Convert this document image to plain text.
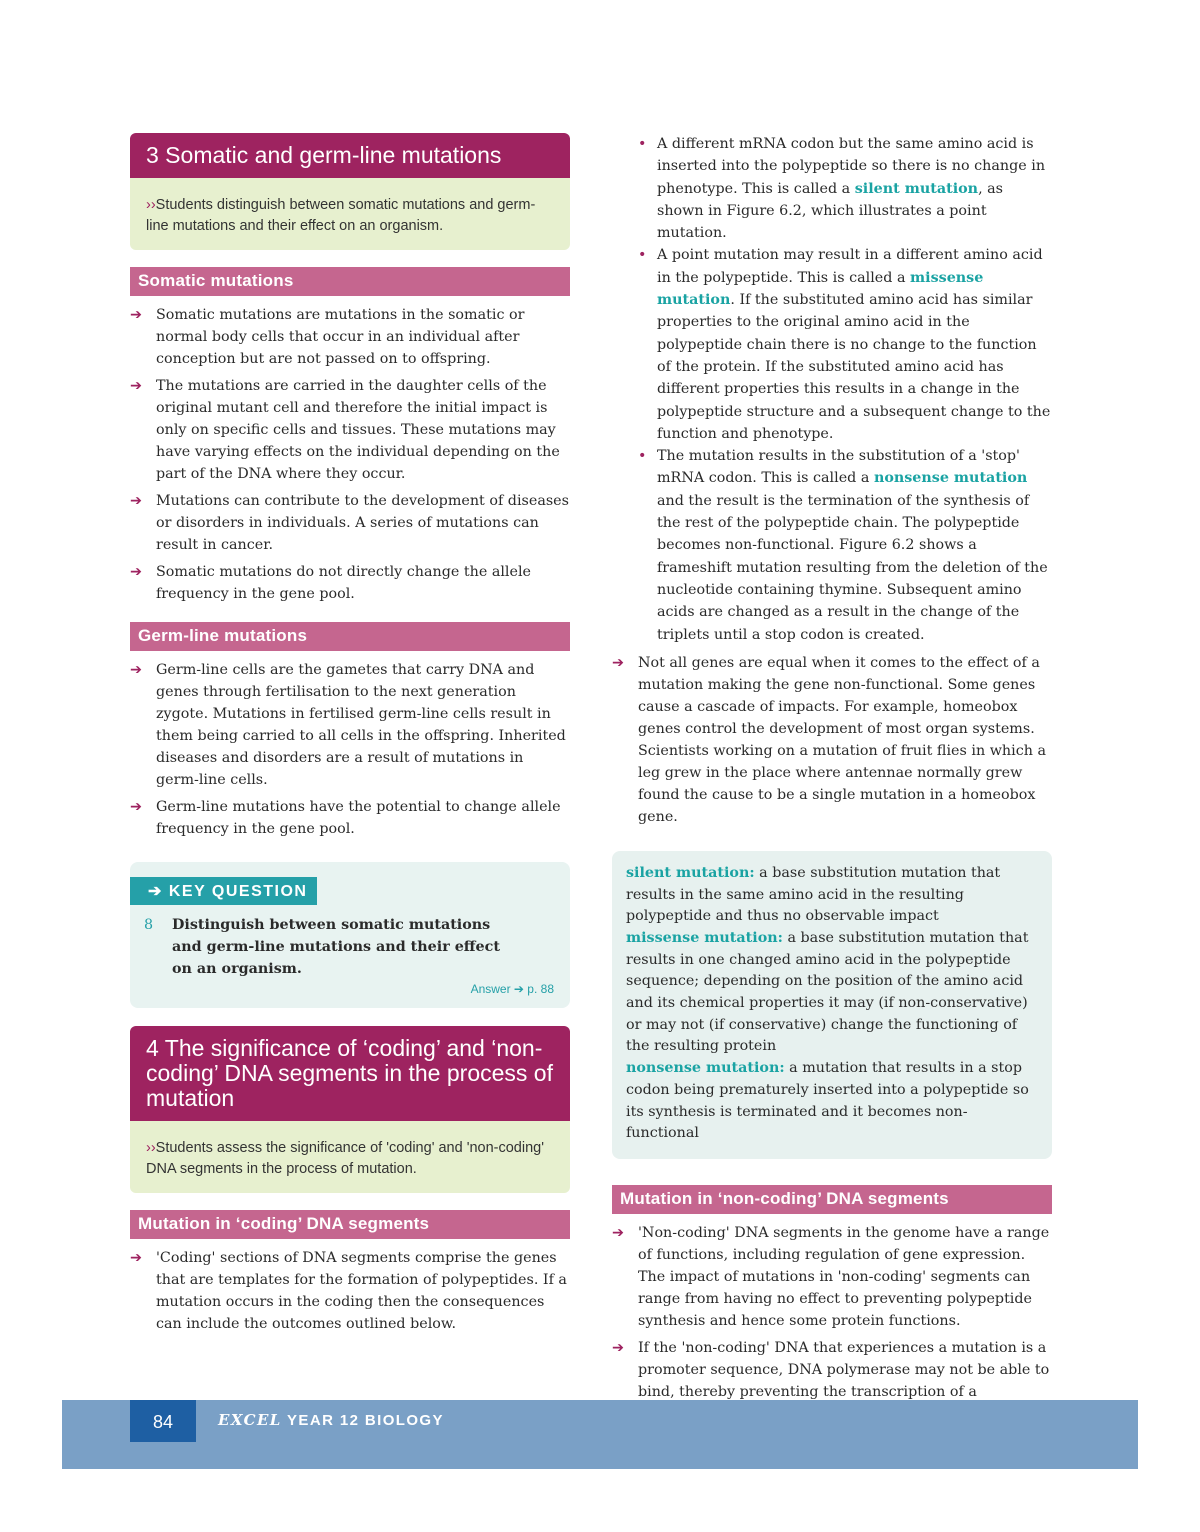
3 Somatic and germ-line mutations
››Students distinguish between somatic mutations and germ-line mutations and their effect on an organism.
Somatic mutations
➔ Somatic mutations are mutations in the somatic or normal body cells that occur in an individual after conception but are not passed on to offspring.
➔ The mutations are carried in the daughter cells of the original mutant cell and therefore the initial impact is only on specific cells and tissues. These mutations may have varying effects on the individual depending on the part of the DNA where they occur.
➔ Mutations can contribute to the development of diseases or disorders in individuals. A series of mutations can result in cancer.
➔ Somatic mutations do not directly change the allele frequency in the gene pool.
Germ-line mutations
➔ Germ-line cells are the gametes that carry DNA and genes through fertilisation to the next generation zygote. Mutations in fertilised germ-line cells result in them being carried to all cells in the offspring. Inherited diseases and disorders are a result of mutations in germ-line cells.
➔ Germ-line mutations have the potential to change allele frequency in the gene pool.
➔ KEY QUESTION
8	Distinguish between somatic mutations and germ-line mutations and their effect on an organism.
Answer ➔ p. 88
4 The significance of ‘coding’ and ‘non-coding’ DNA segments in the process of mutation
››Students assess the significance of 'coding' and 'non-coding' DNA segments in the process of mutation.
Mutation in ‘coding’ DNA segments
➔ 'Coding' sections of DNA segments comprise the genes that are templates for the formation of polypeptides. If a mutation occurs in the coding then the consequences can include the outcomes outlined below.
• A different mRNA codon but the same amino acid is inserted into the polypeptide so there is no change in phenotype. This is called a silent mutation, as shown in Figure 6.2, which illustrates a point mutation.
• A point mutation may result in a different amino acid in the polypeptide. This is called a missense mutation. If the substituted amino acid has similar properties to the original amino acid in the polypeptide chain there is no change to the function of the protein. If the substituted amino acid has different properties this results in a change in the polypeptide structure and a subsequent change to the function and phenotype.
• The mutation results in the substitution of a 'stop' mRNA codon. This is called a nonsense mutation and the result is the termination of the synthesis of the rest of the polypeptide chain. The polypeptide becomes non-functional. Figure 6.2 shows a frameshift mutation resulting from the deletion of the nucleotide containing thymine. Subsequent amino acids are changed as a result in the change of the triplets until a stop codon is created.
➔ Not all genes are equal when it comes to the effect of a mutation making the gene non-functional. Some genes cause a cascade of impacts. For example, homeobox genes control the development of most organ systems. Scientists working on a mutation of fruit flies in which a leg grew in the place where antennae normally grew found the cause to be a single mutation in a homeobox gene.

silent mutation: a base substitution mutation that results in the same amino acid in the resulting polypeptide and thus no observable impact

missense mutation: a base substitution mutation that results in one changed amino acid in the polypeptide sequence; depending on the position of the amino acid and its chemical properties it may (if non-conservative) or may not (if conservative) change the functioning of the resulting protein

nonsense mutation: a mutation that results in a stop codon being prematurely inserted into a polypeptide so its synthesis is terminated and it becomes non-functional

Mutation in ‘non-coding’ DNA segments
➔ 'Non-coding' DNA segments in the genome have a range of functions, including regulation of gene expression. The impact of mutations in 'non-coding' segments can range from having no effect to preventing polypeptide synthesis and hence some protein functions.
➔ If the 'non-coding' DNA that experiences a mutation is a promoter sequence, DNA polymerase may not be able to bind, thereby preventing the transcription of a
84	EXCEL YEAR 12 BIOLOGY
